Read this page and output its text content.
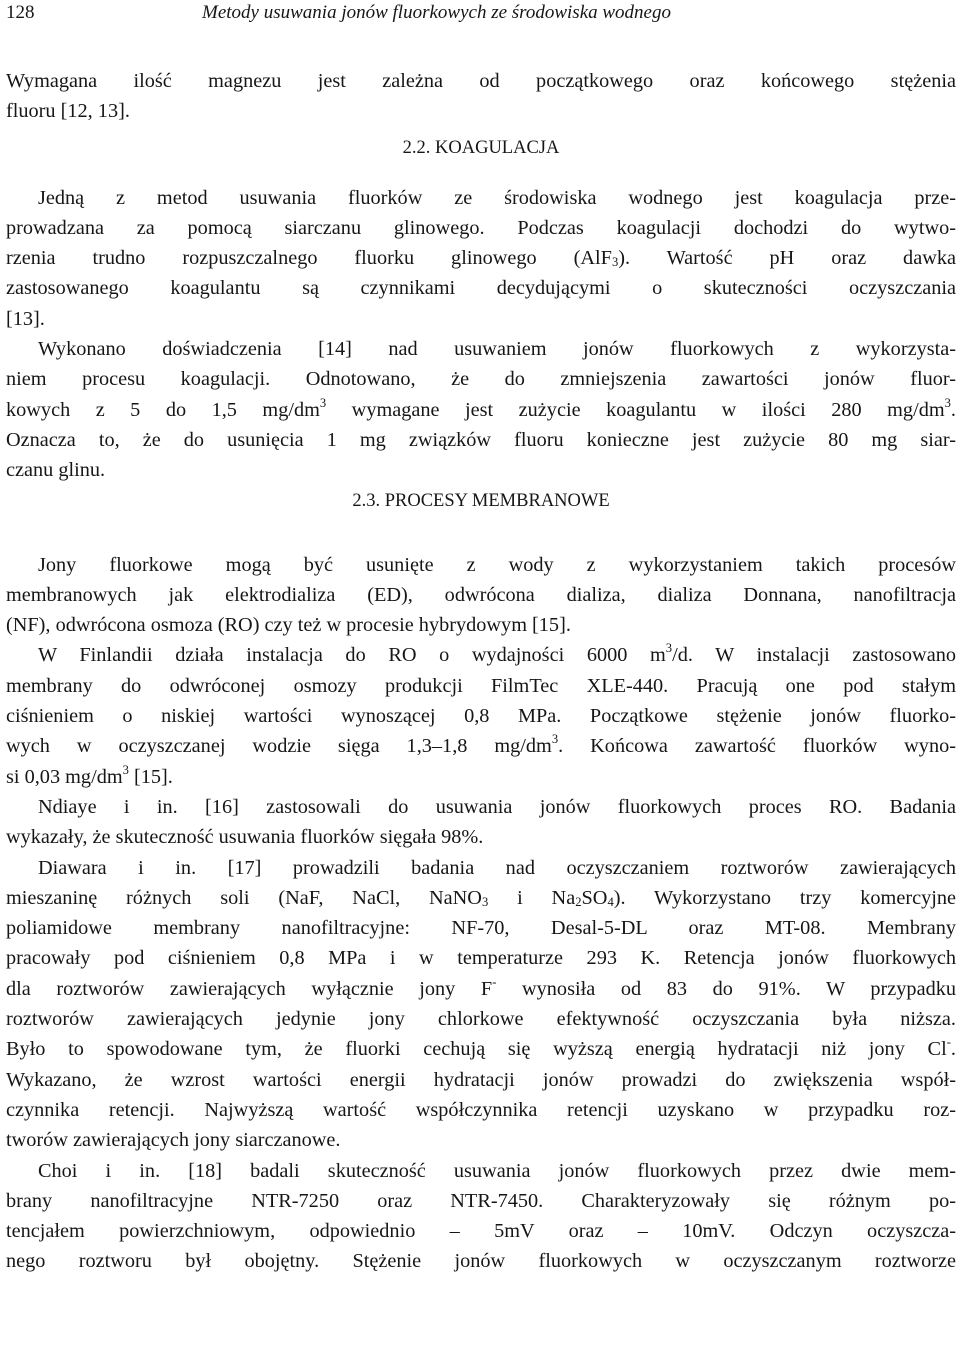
128	Metody usuwania jonów fluorkowych ze środowiska wodnego
Wymagana ilość magnezu jest zależna od początkowego oraz końcowego stężenia
fluoru [12, 13].
2.2. KOAGULACJA
Jedną z metod usuwania fluorków ze środowiska wodnego jest koagulacja prze-
prowadzana za pomocą siarczanu glinowego. Podczas koagulacji dochodzi do wytwo-
rzenia trudno rozpuszczalnego fluorku glinowego (AlF$_3$). Wartość pH oraz dawka
zastosowanego koagulantu są czynnikami decydującymi o skuteczności oczyszczania
[13].
Wykonano doświadczenia [14] nad usuwaniem jonów fluorkowych z wykorzysta-
niem procesu koagulacji. Odnotowano, że do zmniejszenia zawartości jonów fluor-
kowych z 5 do 1,5 $mg/dm^3$ wymagane jest zużycie koagulantu w ilości 280 $mg/dm^3$.
Oznacza to, że do usunięcia 1 mg związków fluoru konieczne jest zużycie 80 mg siar-
czanu glinu.
2.3. PROCESY MEMBRANOWE
Jony fluorkowe mogą być usunięte z wody z wykorzystaniem takich procesów
membranowych jak elektrodializa (ED), odwrócona dializa, dializa Donnana, nanofiltracja
(NF), odwrócona osmoza (RO) czy też w procesie hybrydowym [15].
W Finlandii działa instalacja do RO o wydajności 6000 $m^3/d$. W instalacji zastosowano
membrany do odwróconej osmozy produkcji FilmTec XLE-440. Pracują one pod stałym
ciśnieniem o niskiej wartości wynoszącej 0,8 MPa. Początkowe stężenie jonów fluorko-
wych w oczyszczanej wodzie sięga 1,3–1,8 $mg/dm^3$. Końcowa zawartość fluorków wyno-
si 0,03 $mg/dm^3$ [15].
Ndiaye i in. [16] zastosowali do usuwania jonów fluorkowych proces RO. Badania
wykazały, że skuteczność usuwania fluorków sięgała 98%.
Diawara i in. [17] prowadzili badania nad oczyszczaniem roztworów zawierających
mieszaninę różnych soli (NaF, NaCl, NaNO$_3$ i $Na_2SO_4$). Wykorzystano trzy komercyjne
poliamidowe membrany nanofiltracyjne: NF-70, Desal-5-DL oraz MT-08. Membrany
pracowały pod ciśnieniem 0,8 MPa i w temperaturze 293 K. Retencja jonów fluorkowych
dla roztworów zawierających wyłącznie jony F- wynosiła od 83 do 91%. W przypadku
roztworów zawierających jedynie jony chlorkowe efektywność oczyszczania była niższa.
Było to spowodowane tym, że fluorki cechują się wyższą energią hydratacji niż jony Cl-.
Wykazano, że wzrost wartości energii hydratacji jonów prowadzi do zwiększenia współ-
czynnika retencji. Najwyższą wartość współczynnika retencji uzyskano w przypadku roz-
tworów zawierających jony siarczanowe.
Choi i in. [18] badali skuteczność usuwania jonów fluorkowych przez dwie mem-
brany nanofiltracyjne NTR-7250 oraz NTR-7450. Charakteryzowały się różnym po-
tencjałem powierzchniowym, odpowiednio – 5mV oraz – 10mV. Odczyn oczyszcza-
nego roztworu był obojętny. Stężenie jonów fluorkowych w oczyszczanym roztworze
